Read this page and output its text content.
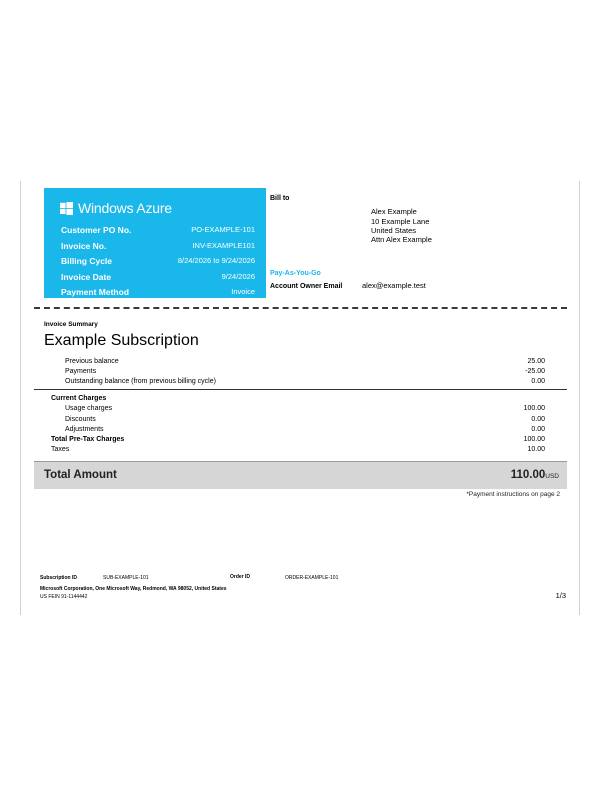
Windows Azure
Customer PO No.	PO-EXAMPLE-101
Invoice No.	INV-EXAMPLE101
Billing Cycle	8/24/2026 to 9/24/2026
Invoice Date	9/24/2026
Payment Method	Invoice
Bill to
Alex Example
10 Example Lane
United States
Attn Alex Example
Pay-As-You-Go
Account Owner Email	alex@example.test
Invoice Summary
Example Subscription
Previous balance	25.00
Payments	-25.00
Outstanding balance (from previous billing cycle)	0.00
Current Charges
Usage charges	100.00
Discounts	0.00
Adjustments	0.00
Total Pre-Tax Charges	100.00
Taxes	10.00
Total Amount	110.00USD
*Payment instructions on page 2
Subscription ID	SUB-EXAMPLE-101	Order ID	ORDER-EXAMPLE-101
Microsoft Corporation, One Microsoft Way, Redmond, WA 98052, United States
US FEIN 91-1144442	1/3
